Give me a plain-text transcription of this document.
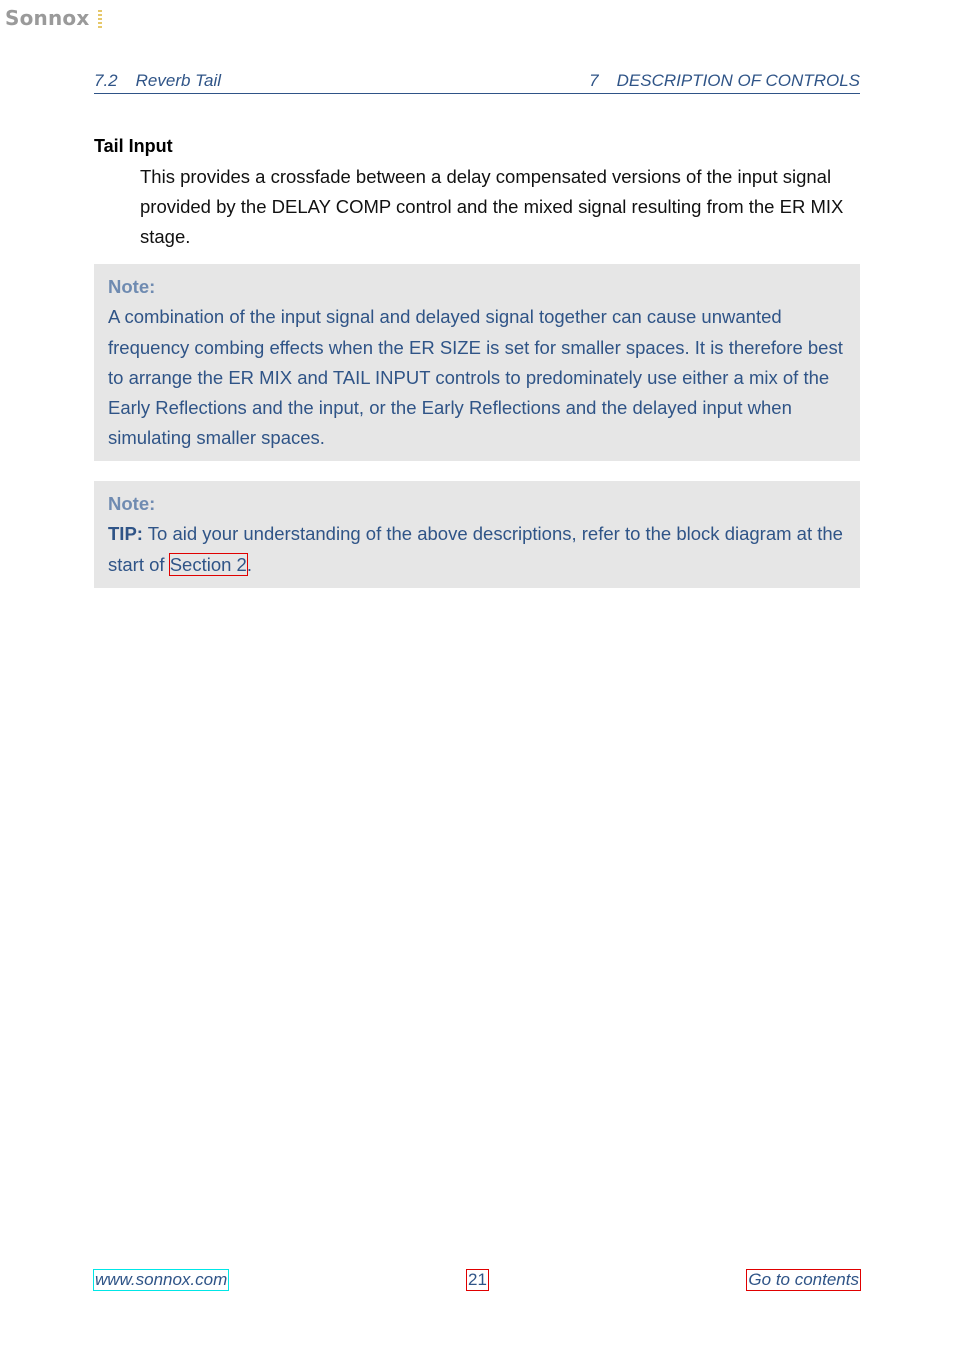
Sonnox
7.2 Reverb Tail	7 DESCRIPTION OF CONTROLS
Tail Input
This provides a crossfade between a delay compensated versions of the input signal provided by the DELAY COMP control and the mixed signal resulting from the ER MIX stage.
Note:
A combination of the input signal and delayed signal together can cause unwanted frequency combing effects when the ER SIZE is set for smaller spaces. It is therefore best to arrange the ER MIX and TAIL INPUT controls to predominately use either a mix of the Early Reflections and the input, or the Early Reflections and the delayed input when simulating smaller spaces.
Note:
TIP: To aid your understanding of the above descriptions, refer to the block diagram at the start of Section 2.
www.sonnox.com	21	Go to contents
